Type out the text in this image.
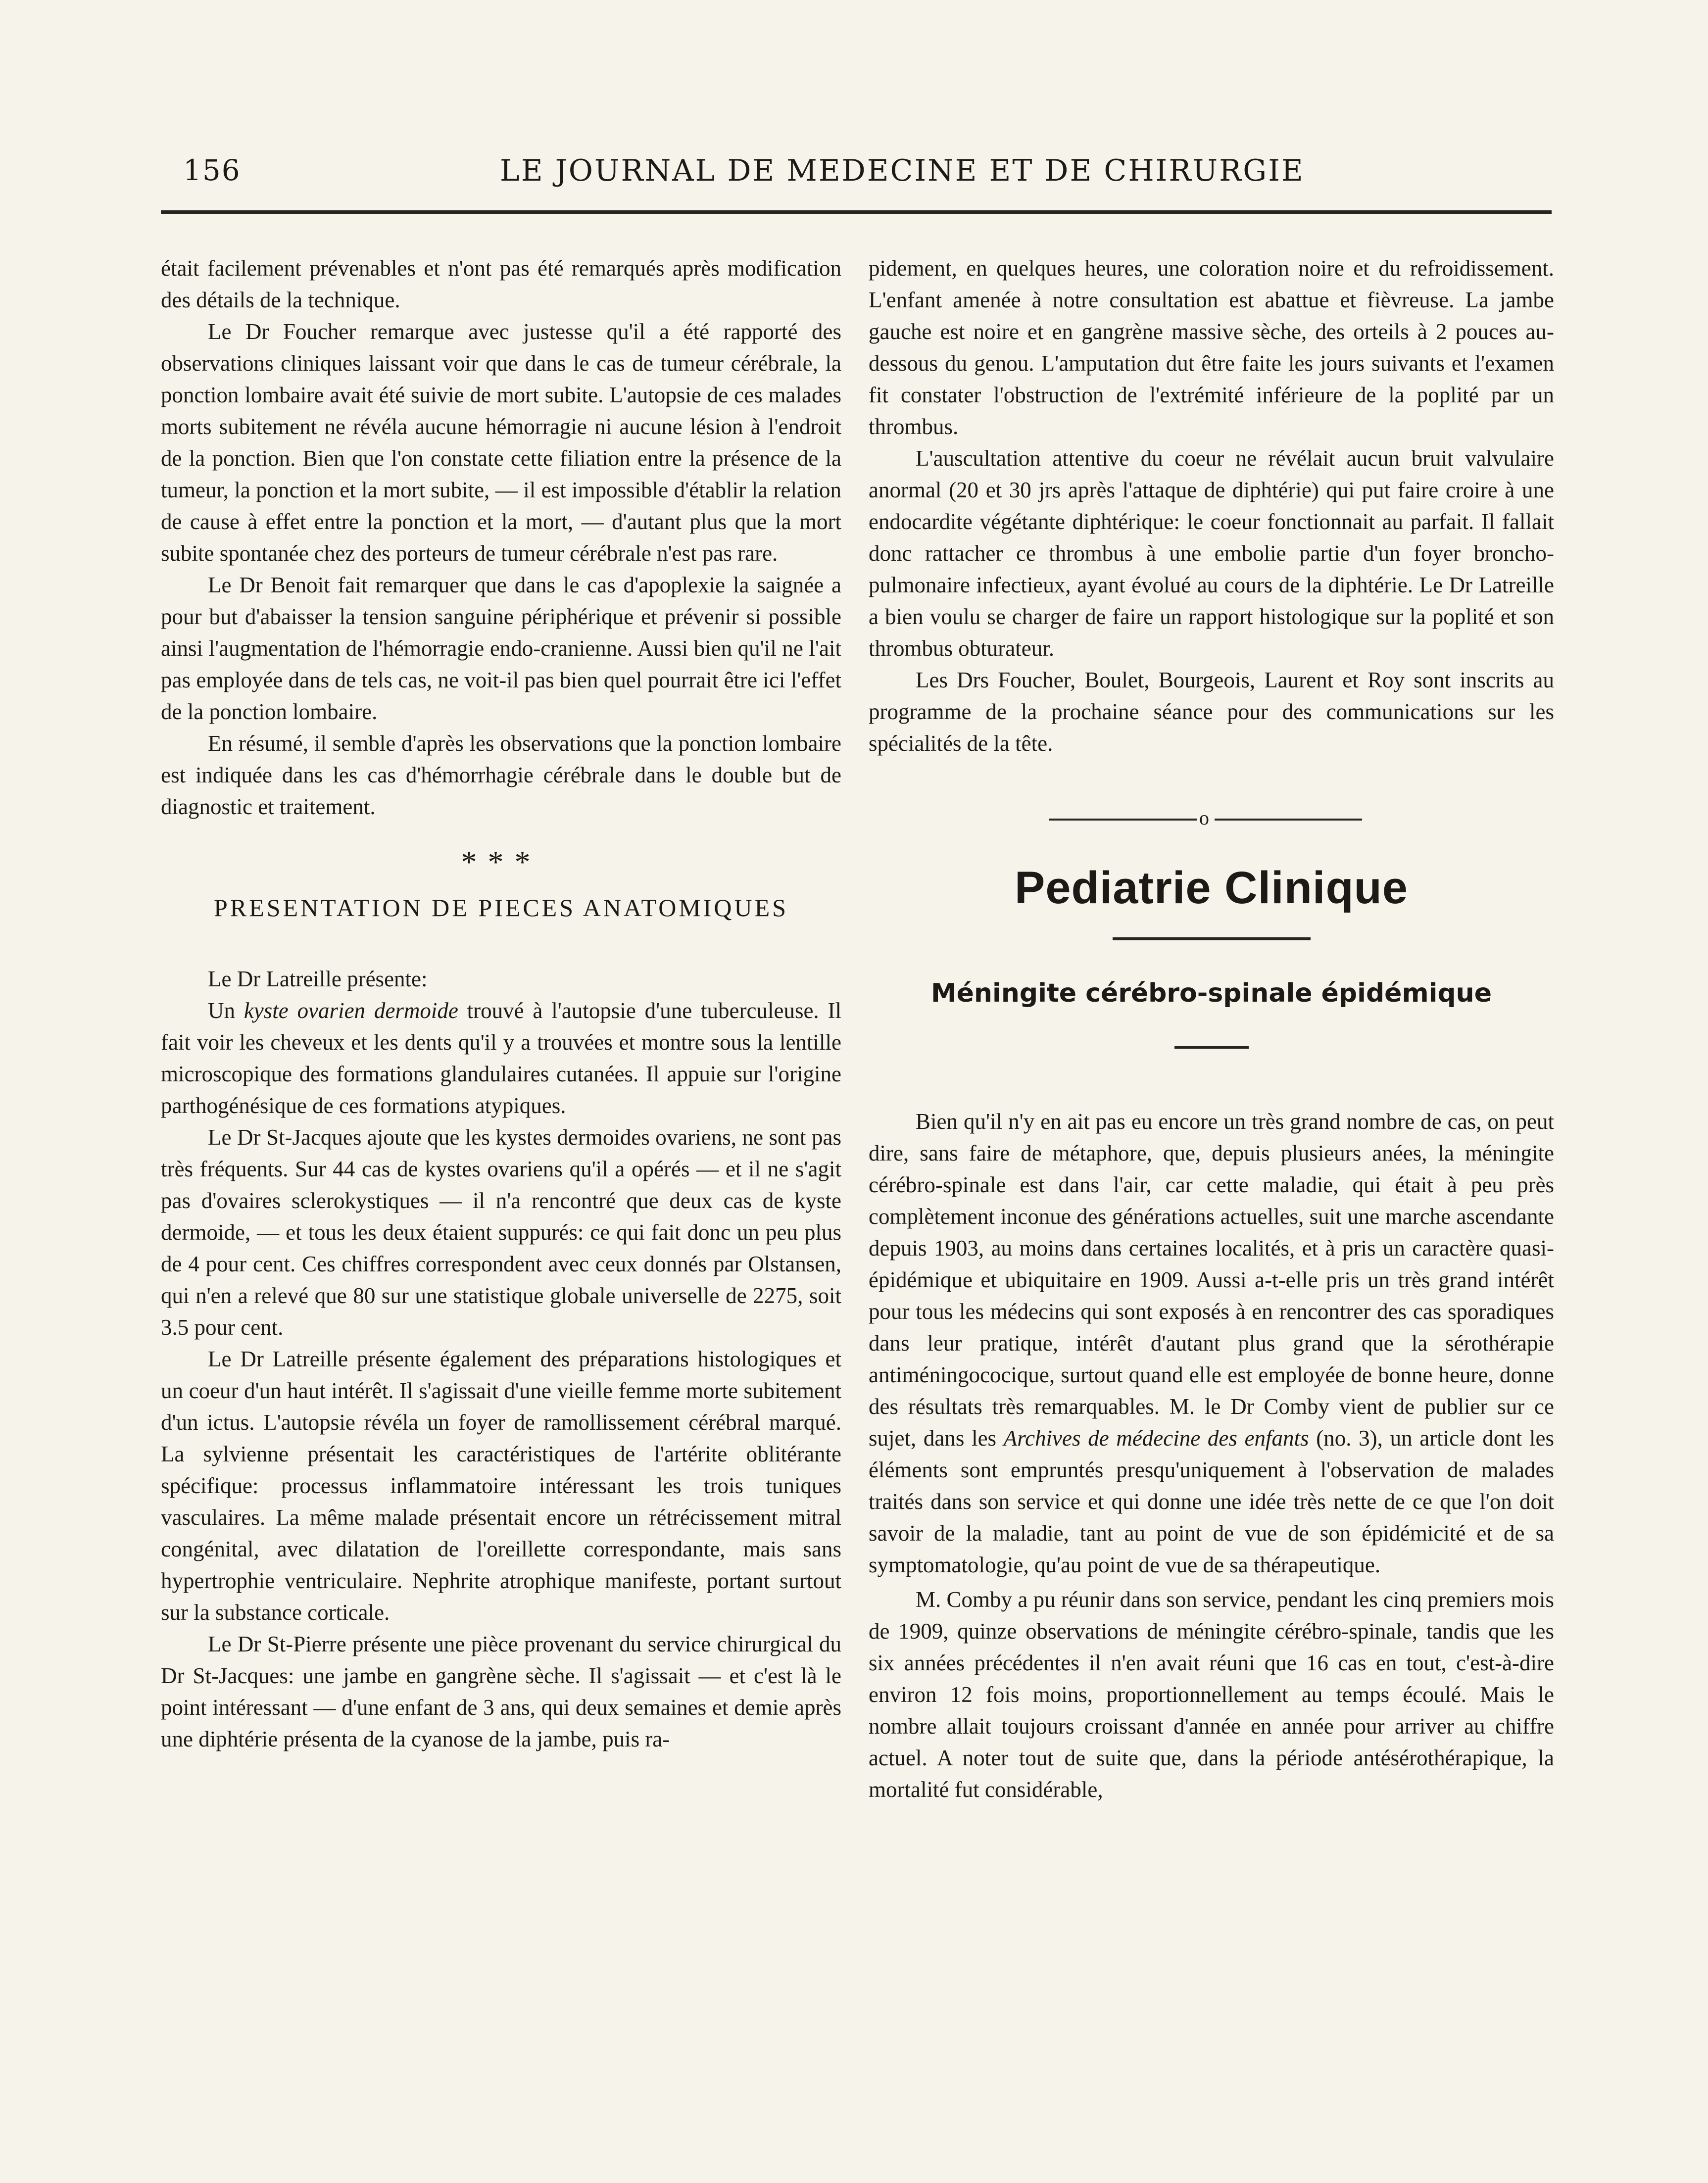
156	LE JOURNAL DE MEDECINE ET DE CHIRURGIE

était facilement prévenables et n'ont pas été remarqués après modification des détails de la technique.

Le Dr Foucher remarque avec justesse qu'il a été rapporté des observations cliniques laissant voir que dans le cas de tumeur cérébrale, la ponction lombaire avait été suivie de mort subite. L'autopsie de ces malades morts subitement ne révéla aucune hémorragie ni aucune lésion à l'endroit de la ponction. Bien que l'on constate cette filiation entre la présence de la tumeur, la ponction et la mort subite, — il est impossible d'établir la relation de cause à effet entre la ponction et la mort, — d'autant plus que la mort subite spontanée chez des porteurs de tumeur cérébrale n'est pas rare.

Le Dr Benoit fait remarquer que dans le cas d'apoplexie la saignée a pour but d'abaisser la tension sanguine périphérique et prévenir si possible ainsi l'augmentation de l'hémorragie endo-cranienne. Aussi bien qu'il ne l'ait pas employée dans de tels cas, ne voit-il pas bien quel pourrait être ici l'effet de la ponction lombaire.

En résumé, il semble d'après les observations que la ponction lombaire est indiquée dans les cas d'hémorrhagie cérébrale dans le double but de diagnostic et traitement.

***
PRESENTATION DE PIECES ANATOMIQUES

Le Dr Latreille présente:

Un kyste ovarien dermoide trouvé à l'autopsie d'une tuberculeuse. Il fait voir les cheveux et les dents qu'il y a trouvées et montre sous la lentille microscopique des formations glandulaires cutanées. Il appuie sur l'origine parthogénésique de ces formations atypiques.

Le Dr St-Jacques ajoute que les kystes dermoides ovariens, ne sont pas très fréquents. Sur 44 cas de kystes ovariens qu'il a opérés — et il ne s'agit pas d'ovaires sclerokystiques — il n'a rencontré que deux cas de kyste dermoide, — et tous les deux étaient suppurés: ce qui fait donc un peu plus de 4 pour cent. Ces chiffres correspondent avec ceux donnés par Olstansen, qui n'en a relevé que 80 sur une statistique globale universelle de 2275, soit 3.5 pour cent.

Le Dr Latreille présente également des préparations histologiques et un coeur d'un haut intérêt. Il s'agissait d'une vieille femme morte subitement d'un ictus. L'autopsie révéla un foyer de ramollissement cérébral marqué. La sylvienne présentait les caractéristiques de l'artérite oblitérante spécifique: processus inflammatoire intéressant les trois tuniques vasculaires. La même malade présentait encore un rétrécissement mitral congénital, avec dilatation de l'oreillette correspondante, mais sans hypertrophie ventriculaire. Nephrite atrophique manifeste, portant surtout sur la substance corticale.

Le Dr St-Pierre présente une pièce provenant du service chirurgical du Dr St-Jacques: une jambe en gangrène sèche. Il s'agissait — et c'est là le point intéressant — d'une enfant de 3 ans, qui deux semaines et demie après une diphtérie présenta de la cyanose de la jambe, puis ra-

pidement, en quelques heures, une coloration noire et du refroidissement. L'enfant amenée à notre consultation est abattue et fièvreuse. La jambe gauche est noire et en gangrène massive sèche, des orteils à 2 pouces au-dessous du genou. L'amputation dut être faite les jours suivants et l'examen fit constater l'obstruction de l'extrémité inférieure de la poplité par un thrombus.

L'auscultation attentive du coeur ne révélait aucun bruit valvulaire anormal (20 et 30 jrs après l'attaque de diphtérie) qui put faire croire à une endocardite végétante diphtérique: le coeur fonctionnait au parfait. Il fallait donc rattacher ce thrombus à une embolie partie d'un foyer broncho-pulmonaire infectieux, ayant évolué au cours de la diphtérie. Le Dr Latreille a bien voulu se charger de faire un rapport histologique sur la poplité et son thrombus obturateur.

Les Drs Foucher, Boulet, Bourgeois, Laurent et Roy sont inscrits au programme de la prochaine séance pour des communications sur les spécialités de la tête.

o
Pediatrie Clinique
Méningite cérébro-spinale épidémique

Bien qu'il n'y en ait pas eu encore un très grand nombre de cas, on peut dire, sans faire de métaphore, que, depuis plusieurs anées, la méningite cérébro-spinale est dans l'air, car cette maladie, qui était à peu près complètement inconue des générations actuelles, suit une marche ascendante depuis 1903, au moins dans certaines localités, et à pris un caractère quasi-épidémique et ubiquitaire en 1909. Aussi a-t-elle pris un très grand intérêt pour tous les médecins qui sont exposés à en rencontrer des cas sporadiques dans leur pratique, intérêt d'autant plus grand que la sérothérapie antiméningococique, surtout quand elle est employée de bonne heure, donne des résultats très remarquables. M. le Dr Comby vient de publier sur ce sujet, dans les Archives de médecine des enfants (no. 3), un article dont les éléments sont empruntés presqu'uniquement à l'observation de malades traités dans son service et qui donne une idée très nette de ce que l'on doit savoir de la maladie, tant au point de vue de son épidémicité et de sa symptomatologie, qu'au point de vue de sa thérapeutique.

M. Comby a pu réunir dans son service, pendant les cinq premiers mois de 1909, quinze observations de méningite cérébro-spinale, tandis que les six années précédentes il n'en avait réuni que 16 cas en tout, c'est-à-dire environ 12 fois moins, proportionnellement au temps écoulé. Mais le nombre allait toujours croissant d'année en année pour arriver au chiffre actuel. A noter tout de suite que, dans la période antésérothérapique, la mortalité fut considérable,
